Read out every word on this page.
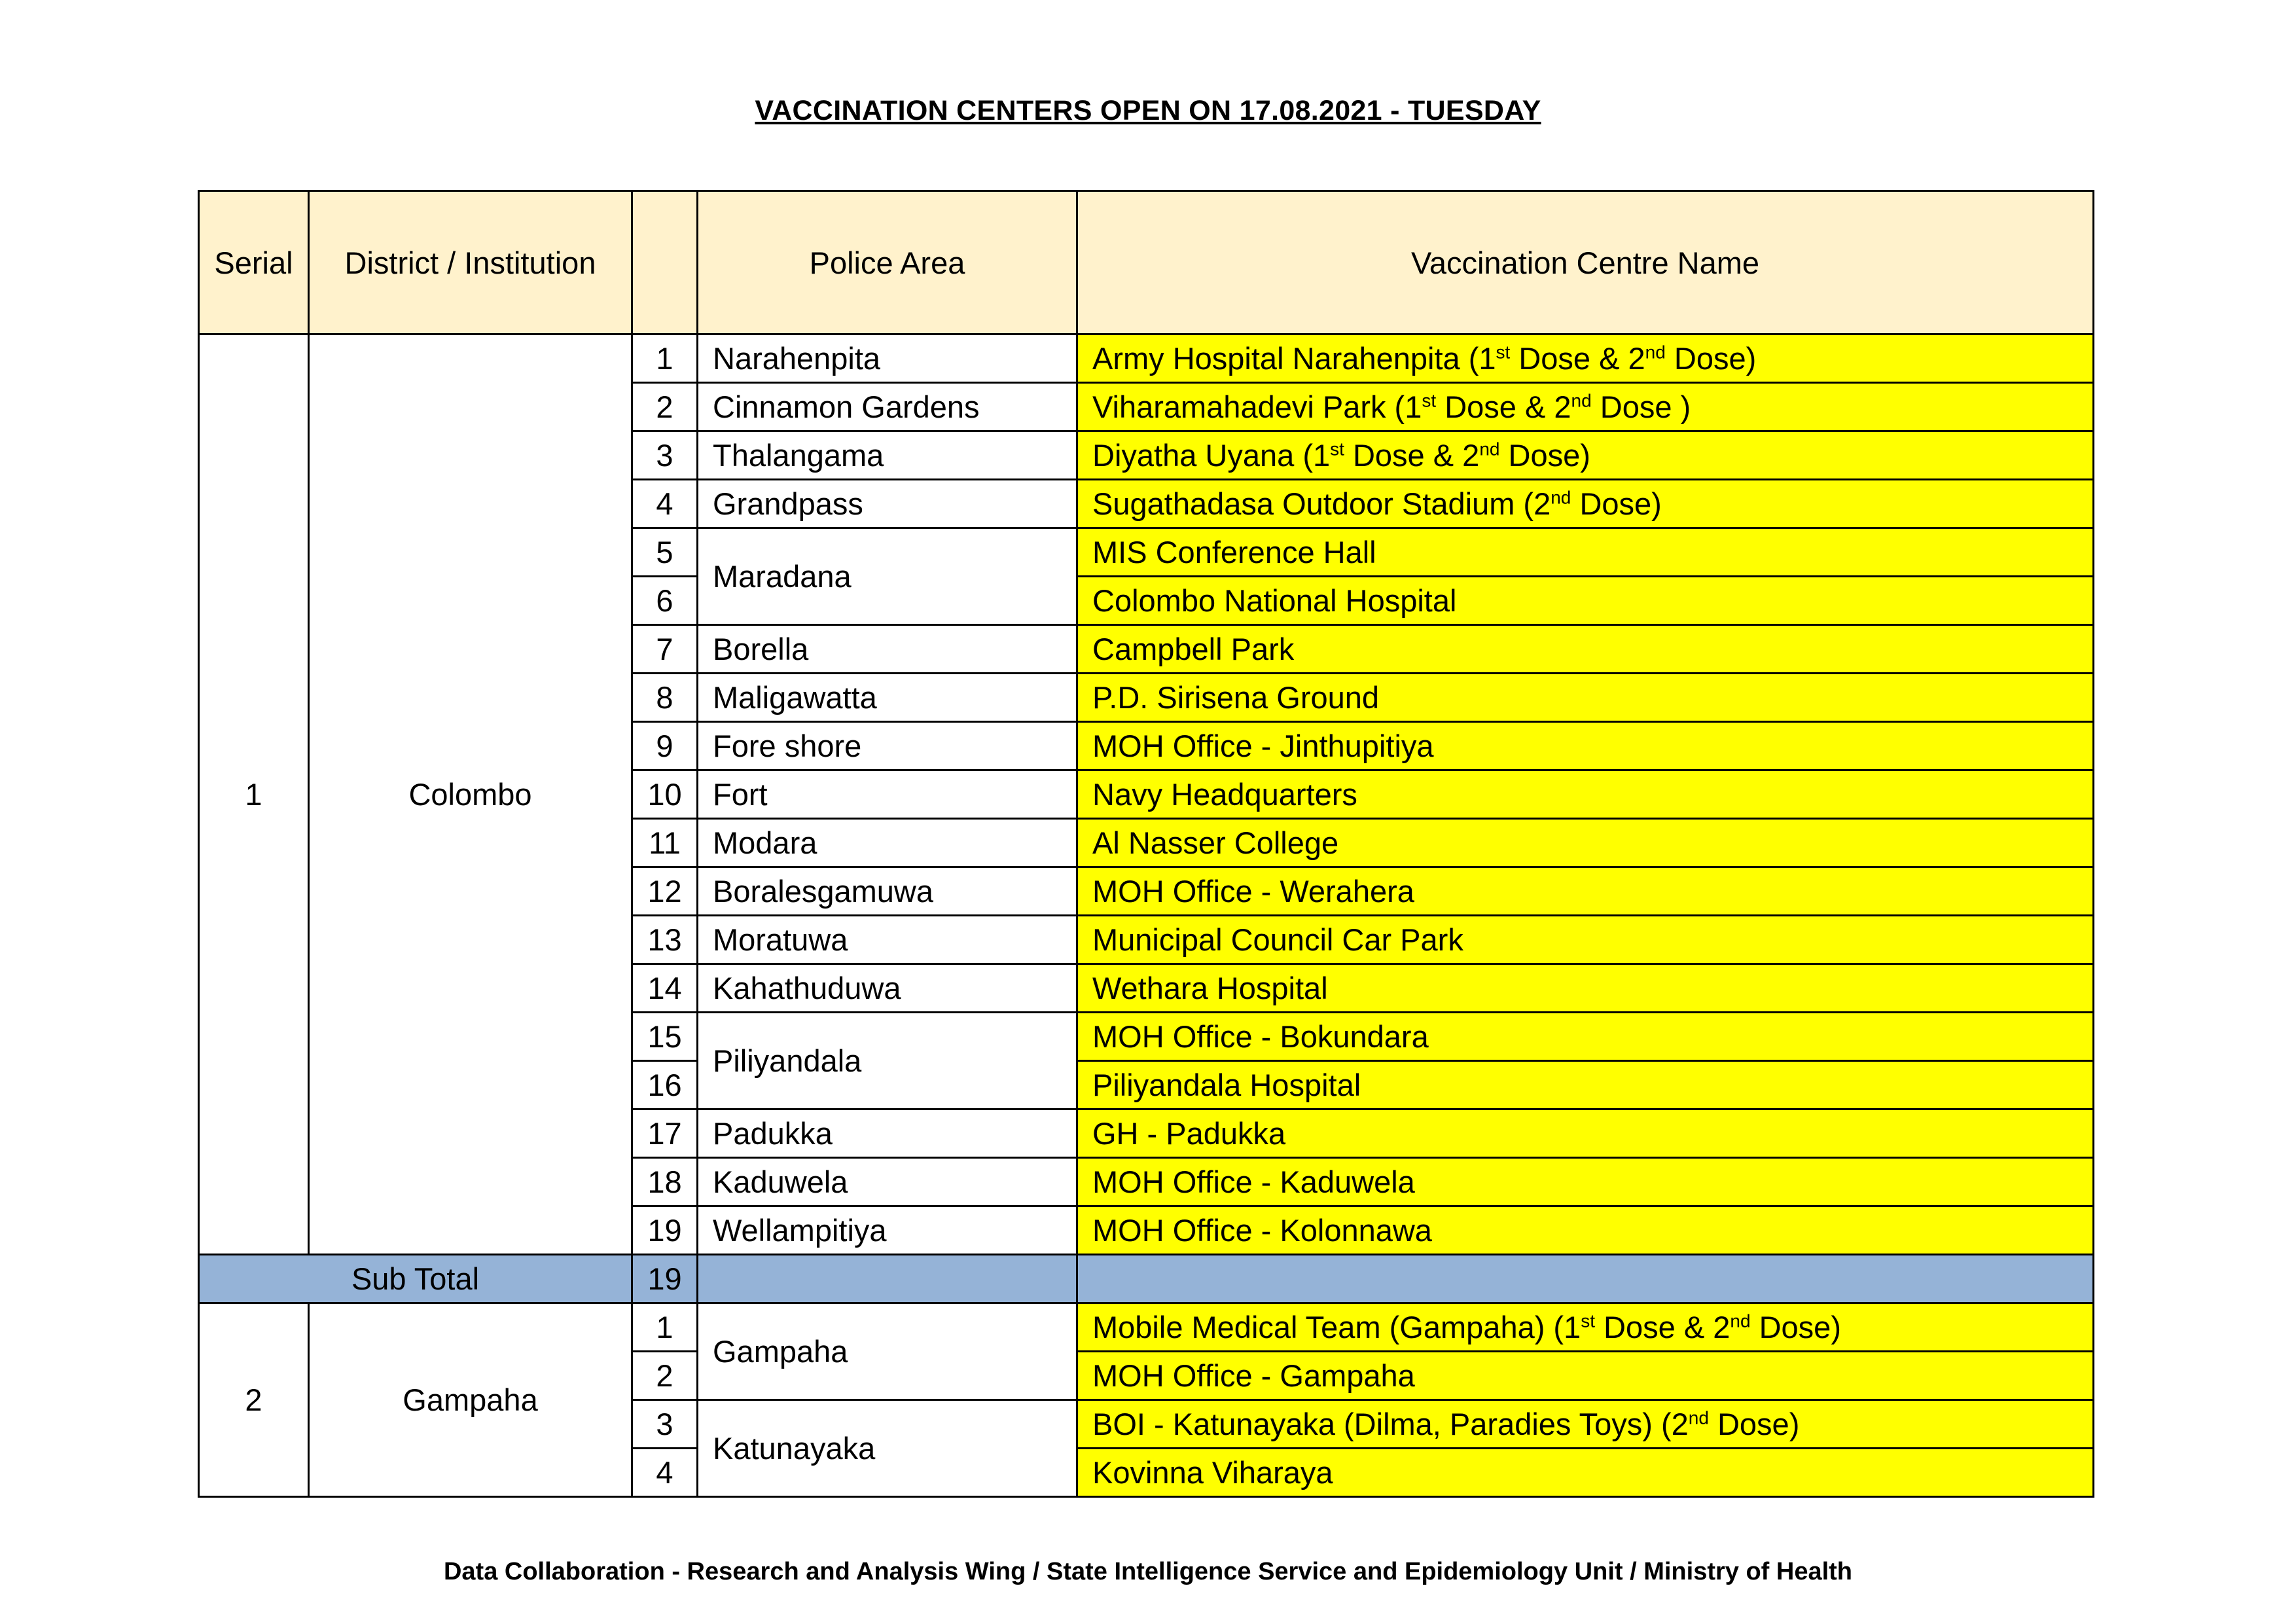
VACCINATION CENTERS OPEN ON 17.08.2021 - TUESDAY
Serial	District / Institution		Police Area	Vaccination Centre Name
1	Colombo	1	Narahenpita	Army Hospital Narahenpita (1st Dose & 2nd Dose)
		2	Cinnamon Gardens	Viharamahadevi Park (1st Dose & 2nd Dose )
		3	Thalangama	Diyatha Uyana (1st Dose & 2nd Dose)
		4	Grandpass	Sugathadasa Outdoor Stadium (2nd Dose)
		5	Maradana	MIS Conference Hall
		6		Colombo National Hospital
		7	Borella	Campbell Park
		8	Maligawatta	P.D. Sirisena Ground
		9	Fore shore	MOH Office - Jinthupitiya
		10	Fort	Navy Headquarters
		11	Modara	Al Nasser College
		12	Boralesgamuwa	MOH Office - Werahera
		13	Moratuwa	Municipal Council Car Park
		14	Kahathuduwa	Wethara Hospital
		15	Piliyandala	MOH Office - Bokundara
		16		Piliyandala Hospital
		17	Padukka	GH - Padukka
		18	Kaduwela	MOH Office - Kaduwela
		19	Wellampitiya	MOH Office - Kolonnawa
Sub Total		19		
2	Gampaha	1	Gampaha	Mobile Medical Team (Gampaha) (1st Dose & 2nd Dose)
		2		MOH Office - Gampaha
		3	Katunayaka	BOI - Katunayaka (Dilma, Paradies Toys) (2nd Dose)
		4		Kovinna Viharaya
Data Collaboration - Research and Analysis Wing / State Intelligence Service and Epidemiology Unit / Ministry of Health
